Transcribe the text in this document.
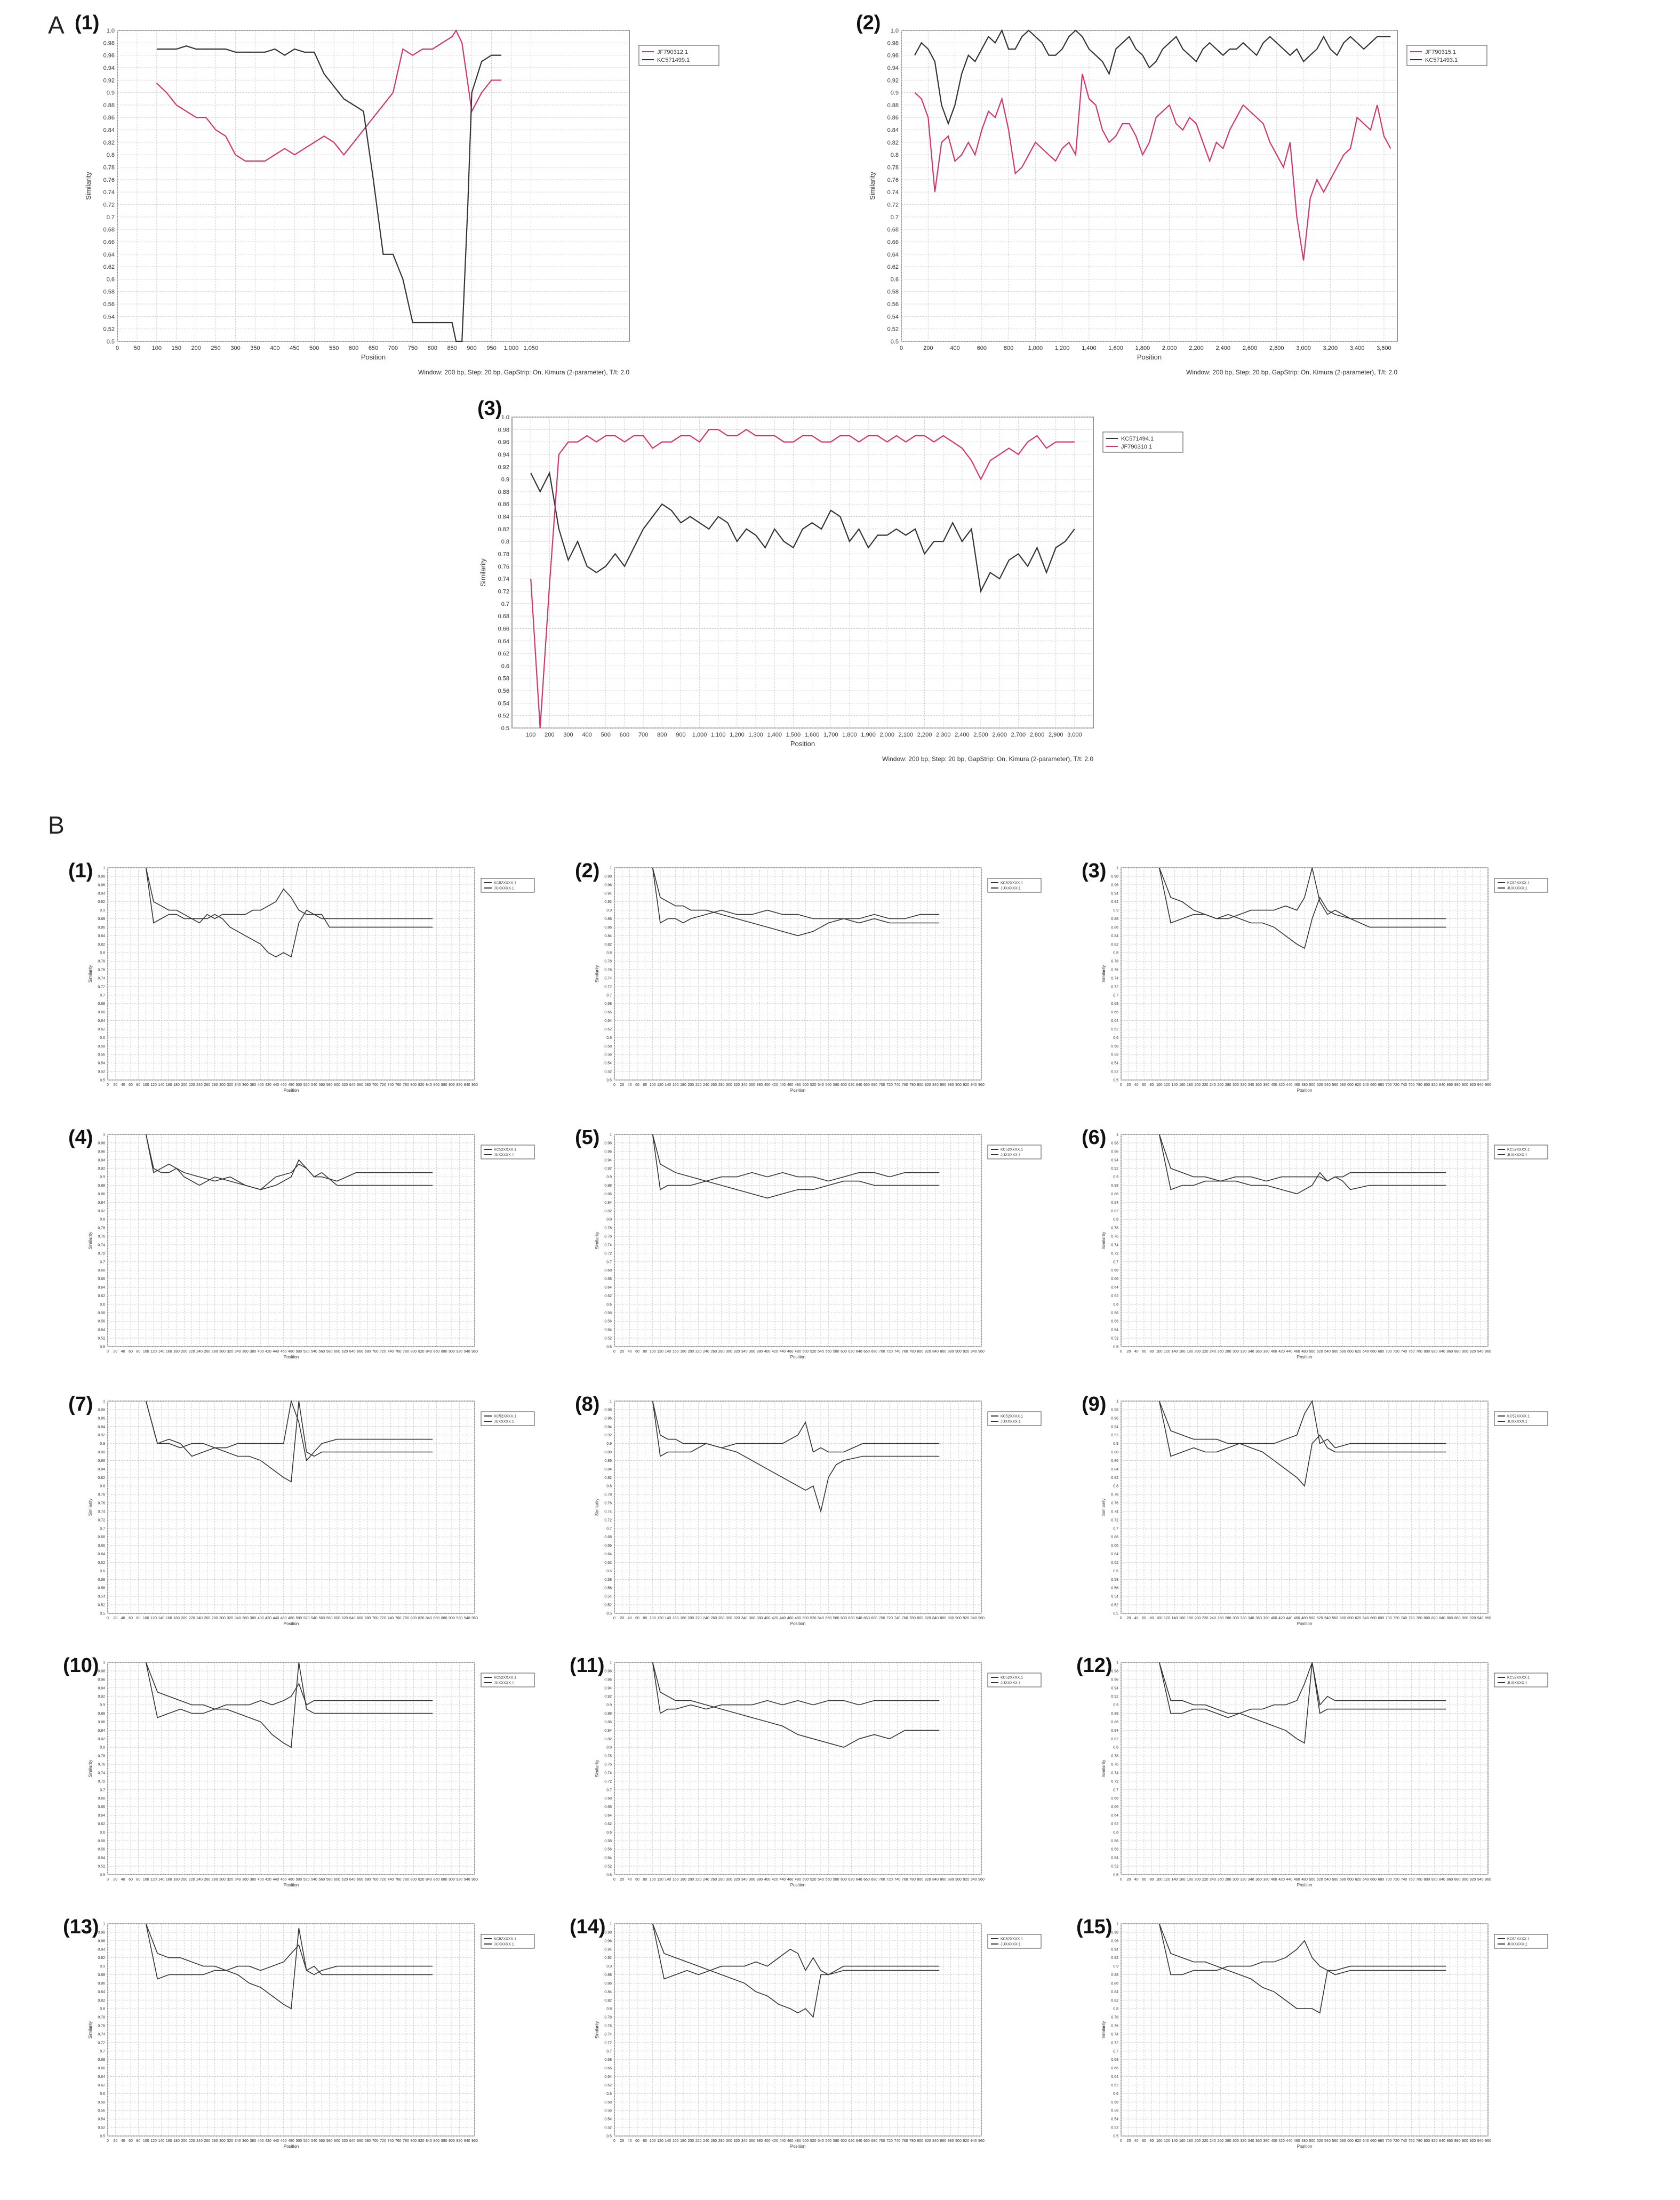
A (1)	(2)
(3)
0	50 100 150 200 250 300 350 400 450 500 550 600 650 700 750 800 850 900 950 1,000 1,050
0.5
0.52
0.54
0.56
0.58
0.6
0.62
0.64
0.66
0.68
0.7
0.72
0.74
0.76
0.78
0.8
0.82
0.84
0.86
0.88
0.9
0.92
0.94
0.96
0.98
1.0
Position
Similarity
Window: 200 bp, Step: 20 bp, GapStrip: On, Kimura (2-parameter), T/t: 2.0
JF790312.1
KC571499.1
0	200	400	600	800 1,000 1,200 1,400 1,600 1,800 2,000 2,200 2,400 2,600 2,800 3,000 3,200 3,400 3,600
0.5
0.52
0.54
0.56
0.58
0.6
0.62
0.64
0.66
0.68
0.7
0.72
0.74
0.76
0.78
0.8
0.82
0.84
0.86
0.88
0.9
0.92
0.94
0.96
0.98
1.0
Position
Similarity
Window: 200 bp, Step: 20 bp, GapStrip: On, Kimura (2-parameter), T/t: 2.0
JF790315.1
KC571493.1
100 200 300 400 500 600 700 800 900 1,000 1,100 1,200 1,300 1,400 1,500 1,600 1,700 1,800 1,900 2,000 2,100 2,200 2,300 2,400 2,500 2,600 2,700 2,800 2,900 3,000
0.5
0.52
0.54
0.56
0.58
0.6
0.62
0.64
0.66
0.68
0.7
0.72
0.74
0.76
0.78
0.8
0.82
0.84
0.86
0.88
0.9
0.92
0.94
0.96
0.98
1.0
Position
Similarity
Window: 200 bp, Step: 20 bp, GapStrip: On, Kimura (2-parameter), T/t: 2.0
KC571494.1
JF790310.1
B
(1)	(2)	(3)
(4)	(5)	(6)
(7)	(8)	(9)
(10)	(11)	(12)
(13)	(14)	(15)
0 20 40 60 80 100 120 140 160 180 200 220 240 260 280 300 320 340 360 380 400 420 440 460 480 500 520 540 560 580 600 620 640 660 680 700 720 740 760 780 800 820 840 860 880 900 920 940 960
0.5
0.52
0.54
0.56
0.58
0.6
0.62
0.64
0.66
0.68
0.7
0.72
0.74
0.76
0.78
0.8
0.82
0.84
0.86
0.88
0.9
0.92
0.94
0.96
0.98
1
Position
Similarity
KC52XXXX.1
JUXXXXX.1
0 20 40 60 80 100 120 140 160 180 200 220 240 260 280 300 320 340 360 380 400 420 440 460 480 500 520 540 560 580 600 620 640 660 680 700 720 740 760 780 800 820 840 860 880 900 920 940 960
0.5
0.52
0.54
0.56
0.58
0.6
0.62
0.64
0.66
0.68
0.7
0.72
0.74
0.76
0.78
0.8
0.82
0.84
0.86
0.88
0.9
0.92
0.94
0.96
0.98
1
Position
Similarity
KC52XXXX.1
JUXXXXX.1
0 20 40 60 80 100 120 140 160 180 200 220 240 260 280 300 320 340 360 380 400 420 440 460 480 500 520 540 560 580 600 620 640 660 680 700 720 740 760 780 800 820 840 860 880 900 920 940 960
0.5
0.52
0.54
0.56
0.58
0.6
0.62
0.64
0.66
0.68
0.7
0.72
0.74
0.76
0.78
0.8
0.82
0.84
0.86
0.88
0.9
0.92
0.94
0.96
0.98
1
Position
Similarity
KC52XXXX.1
JUXXXXX.1
0 20 40 60 80 100 120 140 160 180 200 220 240 260 280 300 320 340 360 380 400 420 440 460 480 500 520 540 560 580 600 620 640 660 680 700 720 740 760 780 800 820 840 860 880 900 920 940 960
0.5
0.52
0.54
0.56
0.58
0.6
0.62
0.64
0.66
0.68
0.7
0.72
0.74
0.76
0.78
0.8
0.82
0.84
0.86
0.88
0.9
0.92
0.94
0.96
0.98
1
Position
Similarity
KC52XXXX.1
JUXXXXX.1
0 20 40 60 80 100 120 140 160 180 200 220 240 260 280 300 320 340 360 380 400 420 440 460 480 500 520 540 560 580 600 620 640 660 680 700 720 740 760 780 800 820 840 860 880 900 920 940 960
0.5
0.52
0.54
0.56
0.58
0.6
0.62
0.64
0.66
0.68
0.7
0.72
0.74
0.76
0.78
0.8
0.82
0.84
0.86
0.88
0.9
0.92
0.94
0.96
0.98
1
Position
Similarity
KC52XXXX.1
JUXXXXX.1
0 20 40 60 80 100 120 140 160 180 200 220 240 260 280 300 320 340 360 380 400 420 440 460 480 500 520 540 560 580 600 620 640 660 680 700 720 740 760 780 800 820 840 860 880 900 920 940 960
0.5
0.52
0.54
0.56
0.58
0.6
0.62
0.64
0.66
0.68
0.7
0.72
0.74
0.76
0.78
0.8
0.82
0.84
0.86
0.88
0.9
0.92
0.94
0.96
0.98
1
Position
Similarity
KC52XXXX.1
JUXXXXX.1
0 20 40 60 80 100 120 140 160 180 200 220 240 260 280 300 320 340 360 380 400 420 440 460 480 500 520 540 560 580 600 620 640 660 680 700 720 740 760 780 800 820 840 860 880 900 920 940 960
0.5
0.52
0.54
0.56
0.58
0.6
0.62
0.64
0.66
0.68
0.7
0.72
0.74
0.76
0.78
0.8
0.82
0.84
0.86
0.88
0.9
0.92
0.94
0.96
0.98
1
Position
Similarity
KC52XXXX.1
JUXXXXX.1
0 20 40 60 80 100 120 140 160 180 200 220 240 260 280 300 320 340 360 380 400 420 440 460 480 500 520 540 560 580 600 620 640 660 680 700 720 740 760 780 800 820 840 860 880 900 920 940 960
0.5
0.52
0.54
0.56
0.58
0.6
0.62
0.64
0.66
0.68
0.7
0.72
0.74
0.76
0.78
0.8
0.82
0.84
0.86
0.88
0.9
0.92
0.94
0.96
0.98
1
Position
Similarity
KC52XXXX.1
JUXXXXX.1
0 20 40 60 80 100 120 140 160 180 200 220 240 260 280 300 320 340 360 380 400 420 440 460 480 500 520 540 560 580 600 620 640 660 680 700 720 740 760 780 800 820 840 860 880 900 920 940 960
0.5
0.52
0.54
0.56
0.58
0.6
0.62
0.64
0.66
0.68
0.7
0.72
0.74
0.76
0.78
0.8
0.82
0.84
0.86
0.88
0.9
0.92
0.94
0.96
0.98
1
Position
Similarity
KC52XXXX.1
JUXXXXX.1
0 20 40 60 80 100 120 140 160 180 200 220 240 260 280 300 320 340 360 380 400 420 440 460 480 500 520 540 560 580 600 620 640 660 680 700 720 740 760 780 800 820 840 860 880 900 920 940 960
0.5
0.52
0.54
0.56
0.58
0.6
0.62
0.64
0.66
0.68
0.7
0.72
0.74
0.76
0.78
0.8
0.82
0.84
0.86
0.88
0.9
0.92
0.94
0.96
0.98
1
Position
Similarity
KC52XXXX.1
JUXXXXX.1
0 20 40 60 80 100 120 140 160 180 200 220 240 260 280 300 320 340 360 380 400 420 440 460 480 500 520 540 560 580 600 620 640 660 680 700 720 740 760 780 800 820 840 860 880 900 920 940 960
0.5
0.52
0.54
0.56
0.58
0.6
0.62
0.64
0.66
0.68
0.7
0.72
0.74
0.76
0.78
0.8
0.82
0.84
0.86
0.88
0.9
0.92
0.94
0.96
0.98
1
Position
Similarity
KC52XXXX.1
JUXXXXX.1
0 20 40 60 80 100 120 140 160 180 200 220 240 260 280 300 320 340 360 380 400 420 440 460 480 500 520 540 560 580 600 620 640 660 680 700 720 740 760 780 800 820 840 860 880 900 920 940 960
0.5
0.52
0.54
0.56
0.58
0.6
0.62
0.64
0.66
0.68
0.7
0.72
0.74
0.76
0.78
0.8
0.82
0.84
0.86
0.88
0.9
0.92
0.94
0.96
0.98
1
Position
Similarity
KC52XXXX.1
JUXXXXX.1
0 20 40 60 80 100 120 140 160 180 200 220 240 260 280 300 320 340 360 380 400 420 440 460 480 500 520 540 560 580 600 620 640 660 680 700 720 740 760 780 800 820 840 860 880 900 920 940 960
0.5
0.52
0.54
0.56
0.58
0.6
0.62
0.64
0.66
0.68
0.7
0.72
0.74
0.76
0.78
0.8
0.82
0.84
0.86
0.88
0.9
0.92
0.94
0.96
0.98
1
Position
Similarity
KC52XXXX.1
JUXXXXX.1
0 20 40 60 80 100 120 140 160 180 200 220 240 260 280 300 320 340 360 380 400 420 440 460 480 500 520 540 560 580 600 620 640 660 680 700 720 740 760 780 800 820 840 860 880 900 920 940 960
0.5
0.52
0.54
0.56
0.58
0.6
0.62
0.64
0.66
0.68
0.7
0.72
0.74
0.76
0.78
0.8
0.82
0.84
0.86
0.88
0.9
0.92
0.94
0.96
0.98
1
Position
Similarity
KC52XXXX.1
JUXXXXX.1
0 20 40 60 80 100 120 140 160 180 200 220 240 260 280 300 320 340 360 380 400 420 440 460 480 500 520 540 560 580 600 620 640 660 680 700 720 740 760 780 800 820 840 860 880 900 920 940 960
0.5
0.52
0.54
0.56
0.58
0.6
0.62
0.64
0.66
0.68
0.7
0.72
0.74
0.76
0.78
0.8
0.82
0.84
0.86
0.88
0.9
0.92
0.94
0.96
0.98
1
Position
Similarity
KC52XXXX.1
JUXXXXX.1
